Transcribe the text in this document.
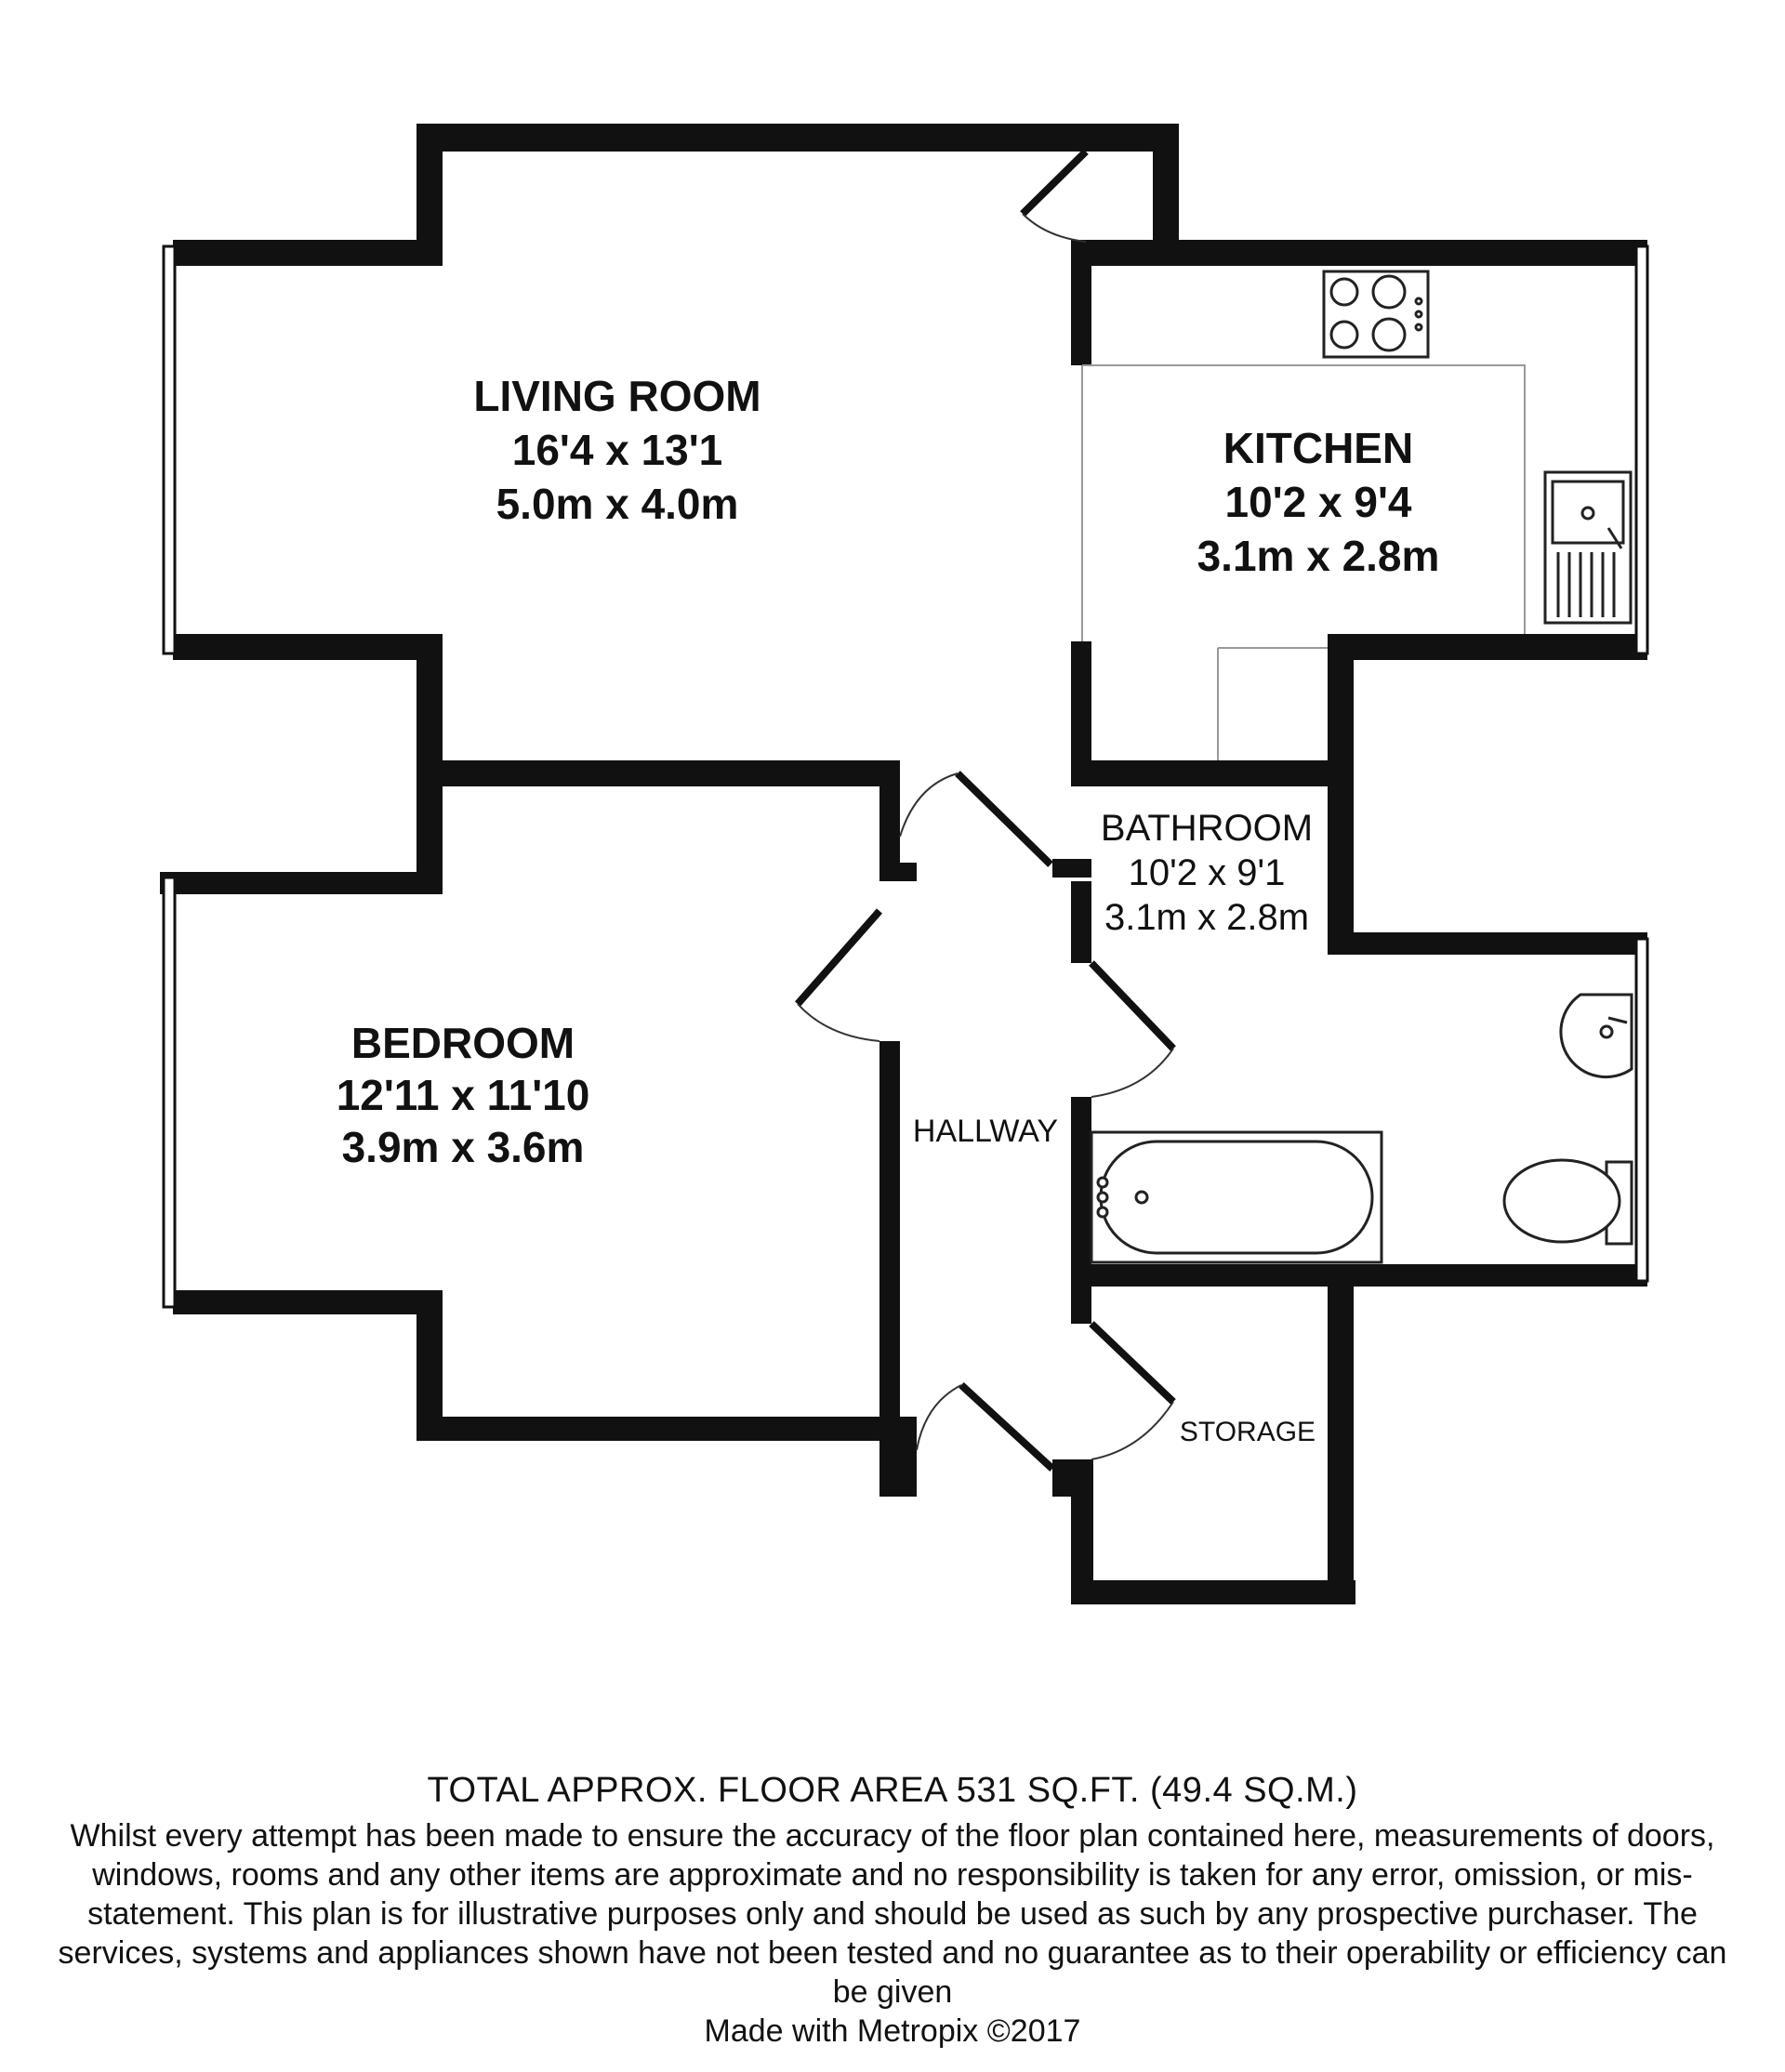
LIVING ROOM
16'4 x 13'1
5.0m x 4.0m
KITCHEN
10'2 x 9'4
3.1m x 2.8m
BATHROOM
10'2 x 9'1
3.1m x 2.8m
BEDROOM
12'11 x 11'10
3.9m x 3.6m	HALLWAY
STORAGE
TOTAL APPROX. FLOOR AREA 531 SQ.FT. (49.4 SQ.M.)
Whilst every attempt has been made to ensure the accuracy of the floor plan contained here, measurements of doors, windows, rooms and any other items are approximate and no responsibility is taken for any error, omission, or mis-statement. This plan is for illustrative purposes only and should be used as such by any prospective purchaser. The services, systems and appliances shown have not been tested and no guarantee as to their operability or efficiency can be given
Made with Metropix ©2017
